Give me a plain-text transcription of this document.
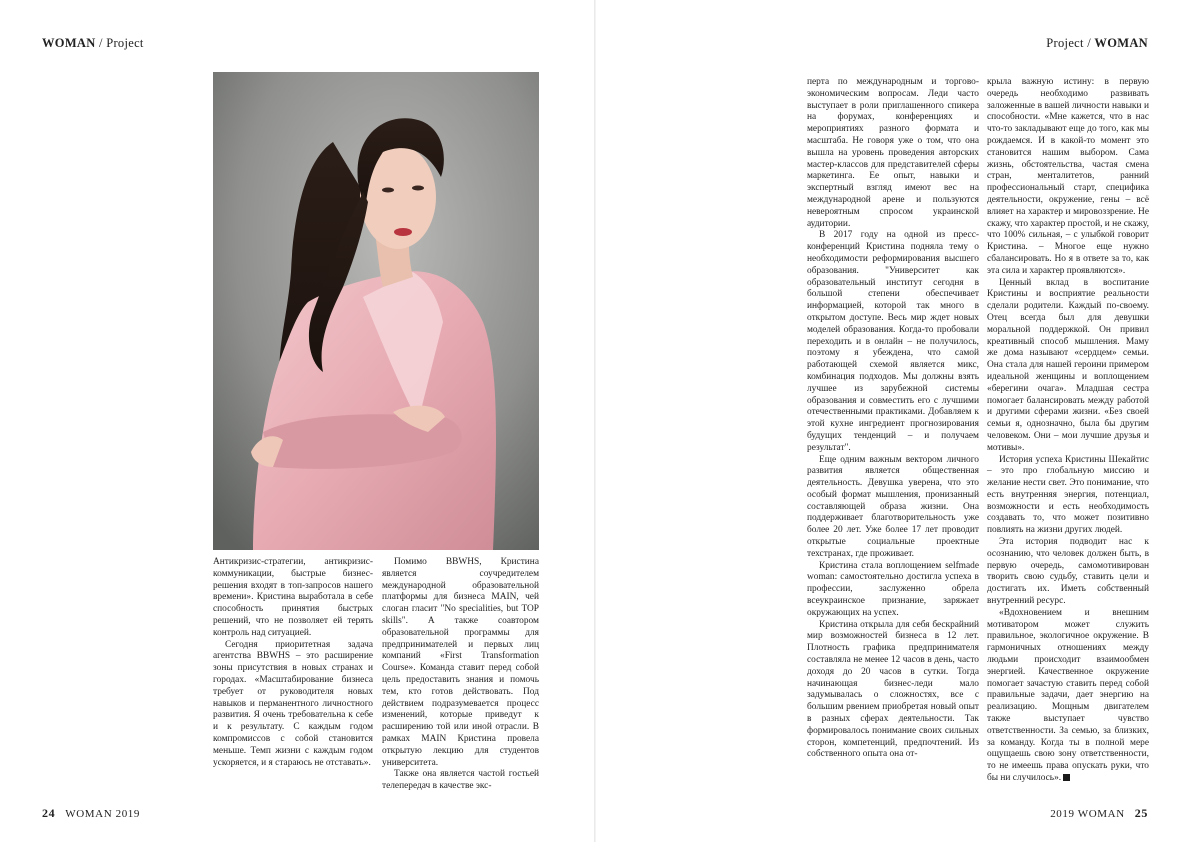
WOMAN / Project

Антикризис-стратегии, антикризис-коммуникации, быстрые бизнес-решения входят в топ-запросов нашего времени». Кристина выработала в себе способность принятия быстрых решений, что не позволяет ей терять контроль над ситуацией.

Сегодня приоритетная задача агентства BBWHS – это расширение зоны присутствия в новых странах и городах. «Масштабирование бизнеса требует от руководителя новых навыков и перманентного личностного развития. Я очень требовательна к себе и к результату. С каждым годом компромиссов с собой становится меньше. Темп жизни с каждым годом ускоряется, и я стараюсь не отставать».

Помимо BBWHS, Кристина является соучредителем международной образовательной платформы для бизнеса MAIN, чей слоган гласит "No specialities, but TOP skills". А также соавтором образовательной программы для предпринимателей и первых лиц компаний «First Transformation Course». Команда ставит перед собой цель предоставить знания и помочь тем, кто готов действовать. Под действием подразумевается процесс изменений, которые приведут к расширению той или иной отрасли. В рамках MAIN Кристина провела открытую лекцию для студентов университета.

Также она является частой гостьей телепередач в качестве экс-

24 WOMAN 2019
Project / WOMAN

перта по международным и торгово-экономическим вопросам. Леди часто выступает в роли приглашенного спикера на форумах, конференциях и мероприятиях разного формата и масштаба. Не говоря уже о том, что она вышла на уровень проведения авторских мастер-классов для представителей сферы маркетинга. Ее опыт, навыки и экспертный взгляд имеют вес на международной арене и пользуются невероятным спросом украинской аудитории.

В 2017 году на одной из пресс-конференций Кристина подняла тему о необходимости реформирования высшего образования. "Университет как образовательный институт сегодня в большой степени обеспечивает информацией, которой так много в открытом доступе. Весь мир ждет новых моделей образования. Когда-то пробовали переходить и в онлайн – не получилось, поэтому я убеждена, что самой работающей схемой является микс, комбинация подходов. Мы должны взять лучшее из зарубежной системы образования и совместить его с лучшими отечественными практиками. Добавляем к этой кухне ингредиент прогнозирования будущих тенденций – и получаем результат".

Еще одним важным вектором личного развития является общественная деятельность. Девушка уверена, что это особый формат мышления, пронизанный составляющей образа жизни. Она поддерживает благотворительность уже более 20 лет. Уже более 17 лет проводит открытые социальные проектные техстранах, где проживает.

Кристина стала воплощением selfmade woman: самостоятельно достигла успеха в профессии, заслуженно обрела всеукраинское признание, заряжает окружающих на успех.

Кристина открыла для себя бескрайний мир возможностей бизнеса в 12 лет. Плотность графика предпринимателя составляла не менее 12 часов в день, часто доходя до 20 часов в сутки. Тогда начинающая бизнес-леди мало задумывалась о сложностях, все с большим рвением приобретая новый опыт в разных сферах деятельности. Так формировалось понимание своих сильных сторон, компетенций, предпочтений. Из собственного опыта она от-

крыла важную истину: в первую очередь необходимо развивать заложенные в вашей личности навыки и способности. «Мне кажется, что в нас что-то закладывают еще до того, как мы рождаемся. И в какой-то момент это становится нашим выбором. Сама жизнь, обстоятельства, частая смена стран, менталитетов, ранний профессиональный старт, специфика деятельности, окружение, гены – всё влияет на характер и мировоззрение. Не скажу, что характер простой, и не скажу, что 100% сильная, – с улыбкой говорит Кристина. – Многое еще нужно сбалансировать. Но я в ответе за то, как эта сила и характер проявляются».

Ценный вклад в воспитание Кристины и восприятие реальности сделали родители. Каждый по-своему. Отец всегда был для девушки моральной поддержкой. Он привил креативный способ мышления. Маму же дома называют «сердцем» семьи. Она стала для нашей героини примером идеальной женщины и воплощением «берегини очага». Младшая сестра помогает балансировать между работой и другими сферами жизни. «Без своей семьи я, однозначно, была бы другим человеком. Они – мои лучшие друзья и мотивы».

История успеха Кристины Шекайтис – это про глобальную миссию и желание нести свет. Это понимание, что есть внутренняя энергия, потенциал, возможности и есть необходимость создавать то, что может позитивно повлиять на жизни других людей.

Эта история подводит нас к осознанию, что человек должен быть, в первую очередь, самомотивирован творить свою судьбу, ставить цели и достигать их. Иметь собственный внутренний ресурс.

«Вдохновением и внешним мотиватором может служить правильное, экологичное окружение. В гармоничных отношениях между людьми происходит взаимообмен энергией. Качественное окружение помогает зачастую ставить перед собой правильные задачи, дает энергию на реализацию. Мощным двигателем также выступает чувство ответственности. За семью, за близких, за команду. Когда ты в полной мере ощущаешь свою зону ответственности, то не имеешь права опускать руки, что бы ни случилось».

2019 WOMAN 25
